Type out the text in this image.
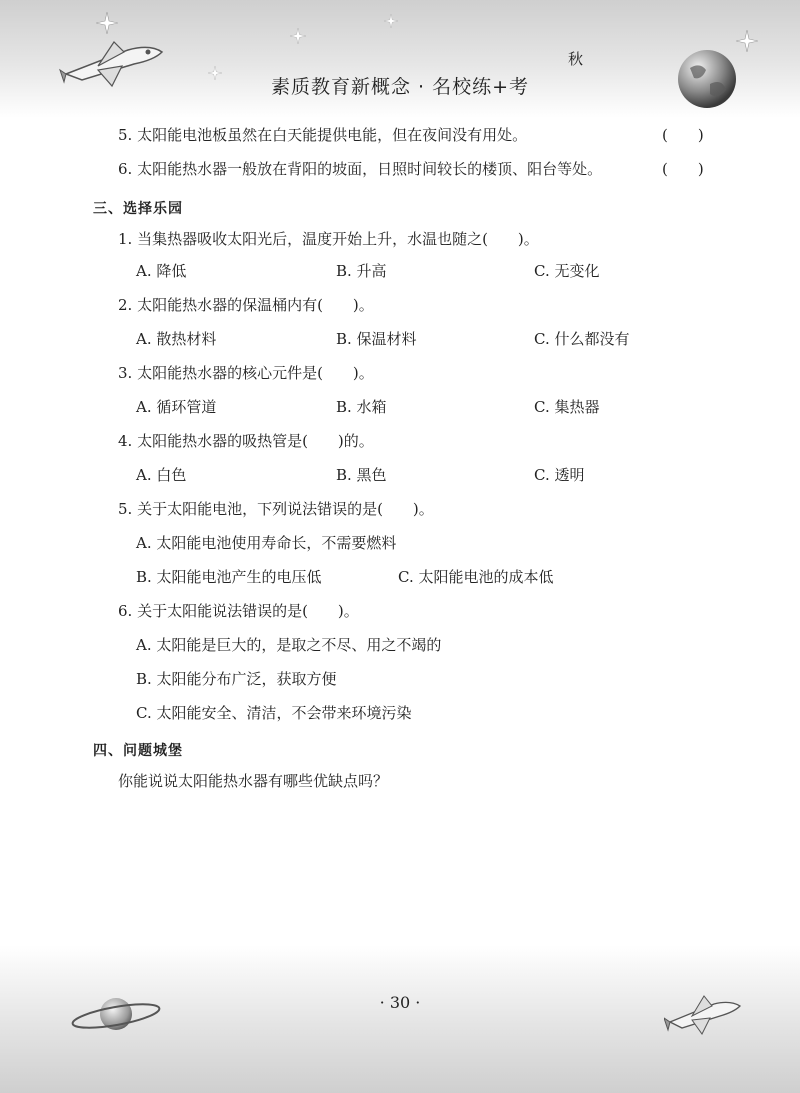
秋
素质教育新概念 · 名校练+考
5. 太阳能电池板虽然在白天能提供电能，但在夜间没有用处。	(　　)
6. 太阳能热水器一般放在背阳的坡面，日照时间较长的楼顶、阳台等处。	(　　)
三、选择乐园
1. 当集热器吸收太阳光后，温度开始上升，水温也随之(　　)。
A. 降低	B. 升高	C. 无变化
2. 太阳能热水器的保温桶内有(　　)。
A. 散热材料	B. 保温材料	C. 什么都没有
3. 太阳能热水器的核心元件是(　　)。
A. 循环管道	B. 水箱	C. 集热器
4. 太阳能热水器的吸热管是(　　)的。
A. 白色	B. 黑色	C. 透明
5. 关于太阳能电池，下列说法错误的是(　　)。
A. 太阳能电池使用寿命长，不需要燃料
B. 太阳能电池产生的电压低	C. 太阳能电池的成本低
6. 关于太阳能说法错误的是(　　)。
A. 太阳能是巨大的，是取之不尽、用之不竭的
B. 太阳能分布广泛，获取方便
C. 太阳能安全、清洁，不会带来环境污染
四、问题城堡
你能说说太阳能热水器有哪些优缺点吗？
· 30 ·
